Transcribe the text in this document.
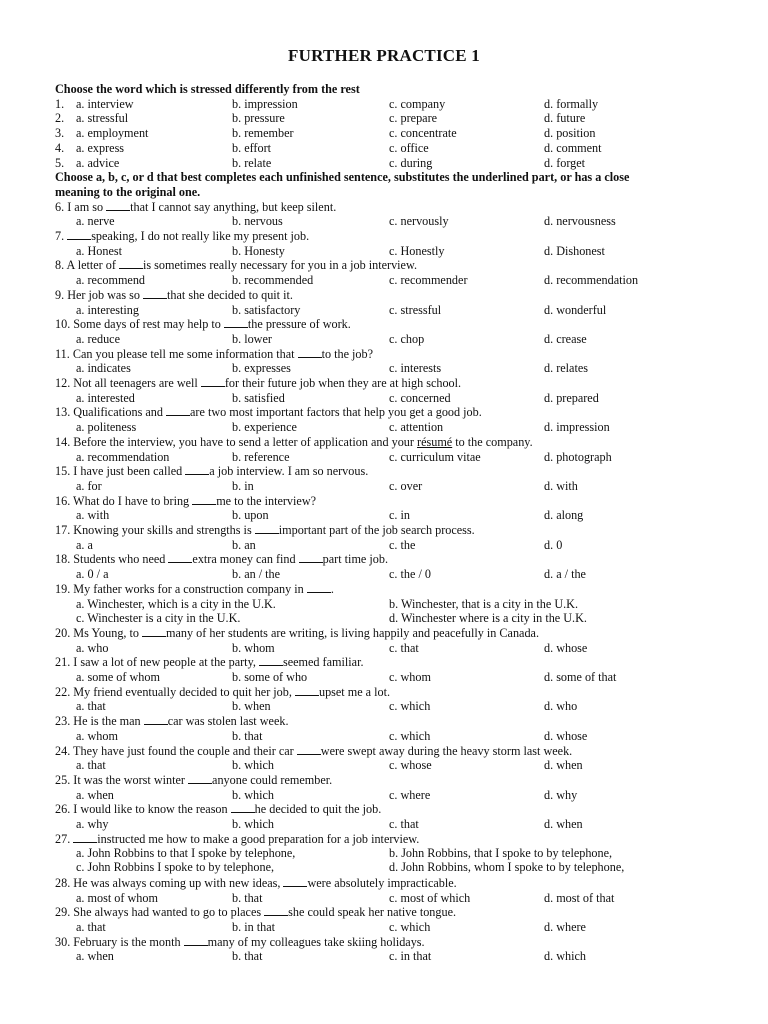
FURTHER PRACTICE 1
Choose the word which is stressed differently from the rest
1. a. interview	b. impression	c. company	d. formally
2. a. stressful	b. pressure	c. prepare	d. future
3. a. employment	b. remember	c. concentrate	d. position
4. a. express	b. effort	c. office	d. comment
5. a. advice	b. relate	c. during	d. forget
Choose a, b, c, or d that best completes each unfinished sentence, substitutes the underlined part, or has a close
meaning to the original one.
6. I am so that I cannot say anything, but keep silent.
a. nerve	b. nervous	c. nervously	d. nervousness
7. speaking, I do not really like my present job.
a. Honest	b. Honesty	c. Honestly	d. Dishonest
8. A letter of is sometimes really necessary for you in a job interview.
a. recommend	b. recommended	c. recommender	d. recommendation
9. Her job was so that she decided to quit it.
a. interesting	b. satisfactory	c. stressful	d. wonderful
10. Some days of rest may help to the pressure of work.
a. reduce	b. lower	c. chop	d. crease
11. Can you please tell me some information that to the job?
a. indicates	b. expresses	c. interests	d. relates
12. Not all teenagers are well for their future job when they are at high school.
a. interested	b. satisfied	c. concerned	d. prepared
13. Qualifications and are two most important factors that help you get a good job.
a. politeness	b. experience	c. attention	d. impression
14. Before the interview, you have to send a letter of application and your résumé to the company.
a. recommendation	b. reference	c. curriculum vitae	d. photograph
15. I have just been called a job interview. I am so nervous.
a. for	b. in	c. over	d. with
16. What do I have to bring me to the interview?
a. with	b. upon	c. in	d. along
17. Knowing your skills and strengths is important part of the job search process.
a. a	b. an	c. the	d. 0
18. Students who need extra money can find part time job.
a. 0 / a	b. an / the	c. the / 0	d. a / the
19. My father works for a construction company in .
a. Winchester, which is a city in the U.K.	b. Winchester, that is a city in the U.K.
c. Winchester is a city in the U.K.	d. Winchester where is a city in the U.K.
20. Ms Young, to many of her students are writing, is living happily and peacefully in Canada.
a. who	b. whom	c. that	d. whose
21. I saw a lot of new people at the party, seemed familiar.
a. some of whom	b. some of who	c. whom	d. some of that
22. My friend eventually decided to quit her job, upset me a lot.
a. that	b. when	c. which	d. who
23. He is the man car was stolen last week.
a. whom	b. that	c. which	d. whose
24. They have just found the couple and their car were swept away during the heavy storm last week.
a. that	b. which	c. whose	d. when
25. It was the worst winter anyone could remember.
a. when	b. which	c. where	d. why
26. I would like to know the reason he decided to quit the job.
a. why	b. which	c. that	d. when
27. instructed me how to make a good preparation for a job interview.
a. John Robbins to that I spoke by telephone,	b. John Robbins, that I spoke to by telephone,
c. John Robbins I spoke to by telephone,	d. John Robbins, whom I spoke to by telephone,
28. He was always coming up with new ideas, were absolutely impracticable.
a. most of whom	b. that	c. most of which	d. most of that
29. She always had wanted to go to places she could speak her native tongue.
a. that	b. in that	c. which	d. where
30. February is the month many of my colleagues take skiing holidays.
a. when	b. that	c. in that	d. which
